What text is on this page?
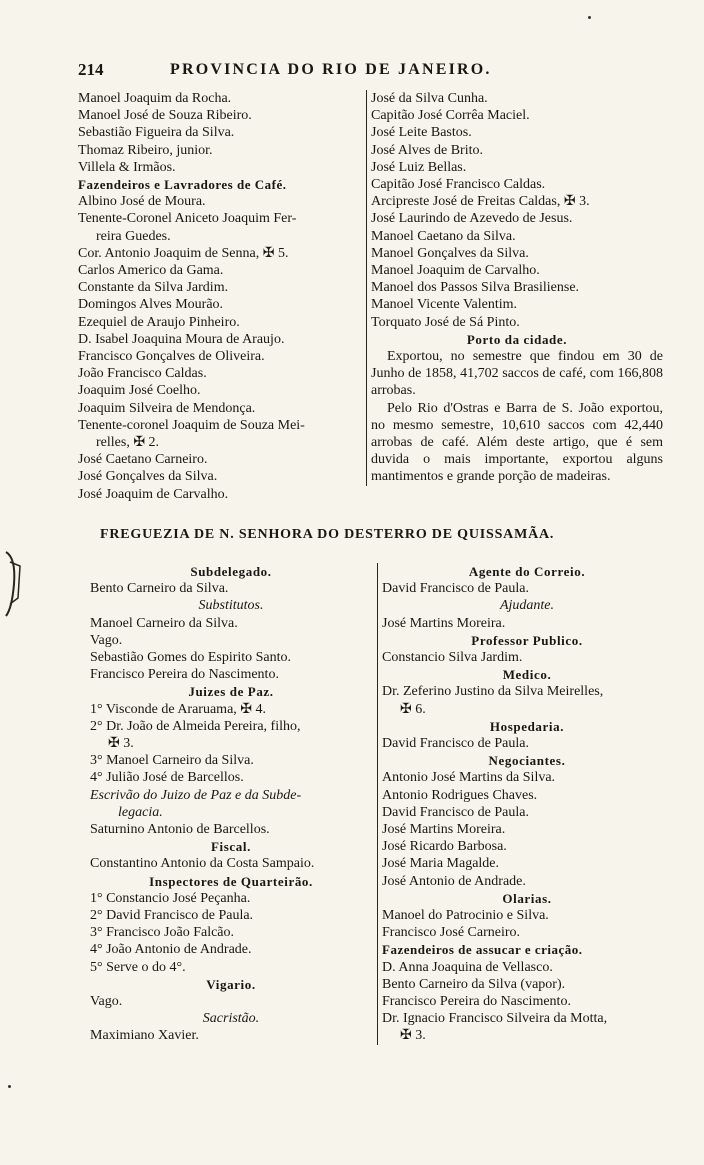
214	PROVINCIA DO RIO DE JANEIRO.
Manoel Joaquim da Rocha.
Manoel José de Souza Ribeiro.
Sebastião Figueira da Silva.
Thomaz Ribeiro, junior.
Villela & Irmãos.
Fazendeiros e Lavradores de Café.
Albino José de Moura.
Tenente-Coronel Aniceto Joaquim Fer-
reira Guedes.
Cor. Antonio Joaquim de Senna, ✠ 5.
Carlos Americo da Gama.
Constante da Silva Jardim.
Domingos Alves Mourão.
Ezequiel de Araujo Pinheiro.
D. Isabel Joaquina Moura de Araujo.
Francisco Gonçalves de Oliveira.
João Francisco Caldas.
Joaquim José Coelho.
Joaquim Silveira de Mendonça.
Tenente-coronel Joaquim de Souza Mei-
relles, ✠ 2.
José Caetano Carneiro.
José Gonçalves da Silva.
José Joaquim de Carvalho.
José da Silva Cunha.
Capitão José Corrêa Maciel.
José Leite Bastos.
José Alves de Brito.
José Luiz Bellas.
Capitão José Francisco Caldas.
Arcipreste José de Freitas Caldas, ✠ 3.
José Laurindo de Azevedo de Jesus.
Manoel Caetano da Silva.
Manoel Gonçalves da Silva.
Manoel Joaquim de Carvalho.
Manoel dos Passos Silva Brasiliense.
Manoel Vicente Valentim.
Torquato José de Sá Pinto.
Porto da cidade.
Exportou, no semestre que findou em 30 de Junho de 1858, 41,702 saccos de café, com 166,808 arrobas.
Pelo Rio d'Ostras e Barra de S. João exportou, no mesmo semestre, 10,610 saccos com 42,440 arrobas de café. Além deste artigo, que é sem duvida o mais importante, exportou alguns mantimentos e grande porção de madeiras.
FREGUEZIA DE N. SENHORA DO DESTERRO DE QUISSAMÃA.
Subdelegado.
Bento Carneiro da Silva.
Substitutos.
Manoel Carneiro da Silva.
Vago.
Sebastião Gomes do Espirito Santo.
Francisco Pereira do Nascimento.
Juizes de Paz.
1° Visconde de Araruama, ✠ 4.
2° Dr. João de Almeida Pereira, filho,
✠ 3.
3° Manoel Carneiro da Silva.
4° Julião José de Barcellos.
Escrivão do Juizo de Paz e da Subde-
legacia.
Saturnino Antonio de Barcellos.
Fiscal.
Constantino Antonio da Costa Sampaio.
Inspectores de Quarteirão.
1° Constancio José Peçanha.
2° David Francisco de Paula.
3° Francisco João Falcão.
4° João Antonio de Andrade.
5° Serve o do 4°.
Vigario.
Vago.
Sacristão.
Maximiano Xavier.
Agente do Correio.
David Francisco de Paula.
Ajudante.
José Martins Moreira.
Professor Publico.
Constancio Silva Jardim.
Medico.
Dr. Zeferino Justino da Silva Meirelles,
✠ 6.
Hospedaria.
David Francisco de Paula.
Negociantes.
Antonio José Martins da Silva.
Antonio Rodrigues Chaves.
David Francisco de Paula.
José Martins Moreira.
José Ricardo Barbosa.
José Maria Magalde.
José Antonio de Andrade.
Olarias.
Manoel do Patrocinio e Silva.
Francisco José Carneiro.
Fazendeiros de assucar e criação.
D. Anna Joaquina de Vellasco.
Bento Carneiro da Silva (vapor).
Francisco Pereira do Nascimento.
Dr. Ignacio Francisco Silveira da Motta,
✠ 3.
